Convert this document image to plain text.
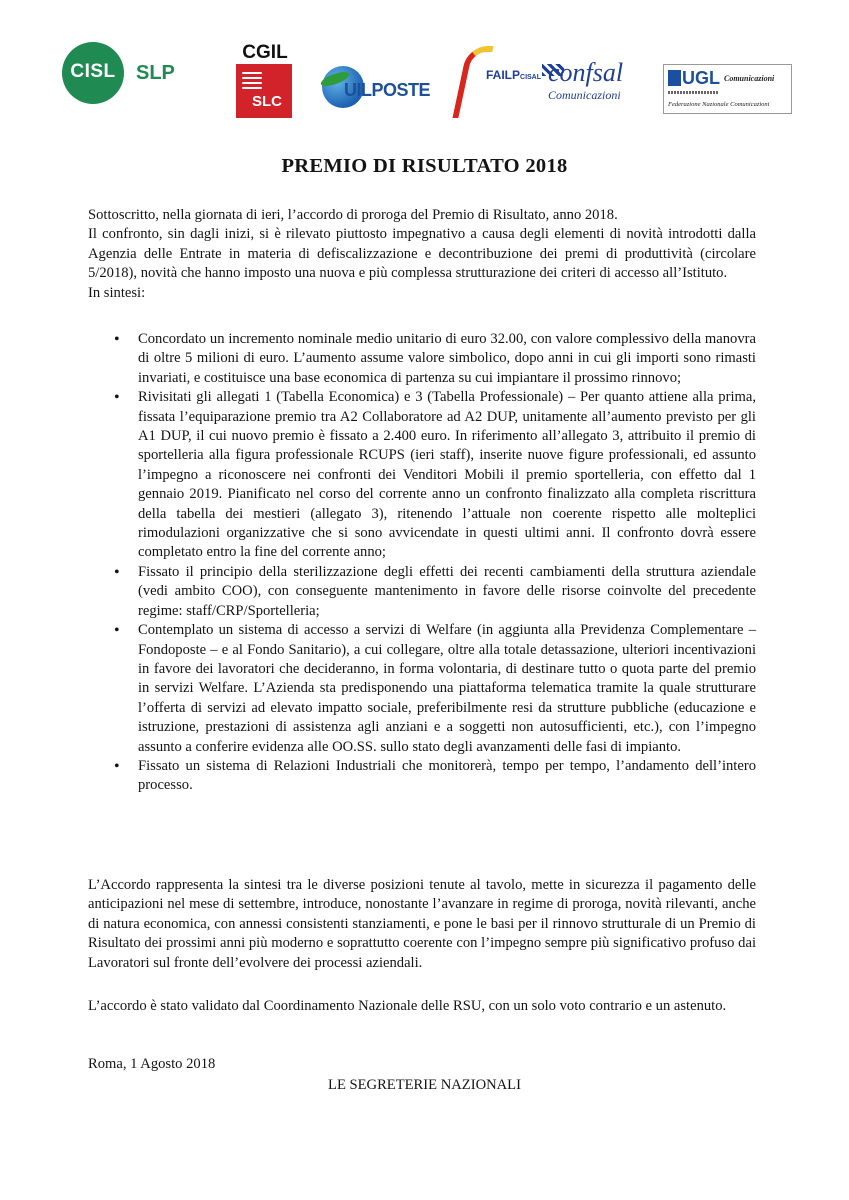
CISL SLP
CGIL
SLC
UILPOSTE
FAILPCISAL confsal
Comunicazioni
UGL Comunicazioni
Federazione Nazionale Comunicazioni
PREMIO DI RISULTATO 2018

Sottoscritto, nella giornata di ieri, l’accordo di proroga del Premio di Risultato, anno 2018.

Il confronto, sin dagli inizi, si è rilevato piuttosto impegnativo a causa degli elementi di novità introdotti dalla Agenzia delle Entrate in materia di defiscalizzazione e decontribuzione dei premi di produttività (circolare 5/2018), novità che hanno imposto una nuova e più complessa strutturazione dei criteri di accesso all’Istituto.

In sintesi:

• Concordato un incremento nominale medio unitario di euro 32.00, con valore complessivo della manovra di oltre 5 milioni di euro. L’aumento assume valore simbolico, dopo anni in cui gli importi sono rimasti invariati, e costituisce una base economica di partenza su cui impiantare il prossimo rinnovo;
• Rivisitati gli allegati 1 (Tabella Economica) e 3 (Tabella Professionale) – Per quanto attiene alla prima, fissata l’equiparazione premio tra A2 Collaboratore ad A2 DUP, unitamente all’aumento previsto per gli A1 DUP, il cui nuovo premio è fissato a 2.400 euro. In riferimento all’allegato 3, attribuito il premio di sportelleria alla figura professionale RCUPS (ieri staff), inserite nuove figure professionali, ed assunto l’impegno a riconoscere nei confronti dei Venditori Mobili il premio sportelleria, con effetto dal 1 gennaio 2019. Pianificato nel corso del corrente anno un confronto finalizzato alla completa riscrittura della tabella dei mestieri (allegato 3), ritenendo l’attuale non coerente rispetto alle molteplici rimodulazioni organizzative che si sono avvicendate in questi ultimi anni. Il confronto dovrà essere completato entro la fine del corrente anno;
• Fissato il principio della sterilizzazione degli effetti dei recenti cambiamenti della struttura aziendale (vedi ambito COO), con conseguente mantenimento in favore delle risorse coinvolte del precedente regime: staff/CRP/Sportelleria;
• Contemplato un sistema di accesso a servizi di Welfare (in aggiunta alla Previdenza Complementare – Fondoposte – e al Fondo Sanitario), a cui collegare, oltre alla totale detassazione, ulteriori incentivazioni in favore dei lavoratori che decideranno, in forma volontaria, di destinare tutto o quota parte del premio in servizi Welfare. L’Azienda sta predisponendo una piattaforma telematica tramite la quale strutturare l’offerta di servizi ad elevato impatto sociale, preferibilmente resi da strutture pubbliche (educazione e istruzione, prestazioni di assistenza agli anziani e a soggetti non autosufficienti, etc.), con l’impegno assunto a conferire evidenza alle OO.SS. sullo stato degli avanzamenti delle fasi di impianto.
• Fissato un sistema di Relazioni Industriali che monitorerà, tempo per tempo, l’andamento dell’intero processo.

L’Accordo rappresenta la sintesi tra le diverse posizioni tenute al tavolo, mette in sicurezza il pagamento delle anticipazioni nel mese di settembre, introduce, nonostante l’avanzare in regime di proroga, novità rilevanti, anche di natura economica, con annessi consistenti stanziamenti, e pone le basi per il rinnovo strutturale di un Premio di Risultato dei prossimi anni più moderno e soprattutto coerente con l’impegno sempre più significativo profuso dai Lavoratori sul fronte dell’evolvere dei processi aziendali.

L’accordo è stato validato dal Coordinamento Nazionale delle RSU, con un solo voto contrario e un astenuto.

Roma, 1 Agosto 2018
LE SEGRETERIE NAZIONALI
